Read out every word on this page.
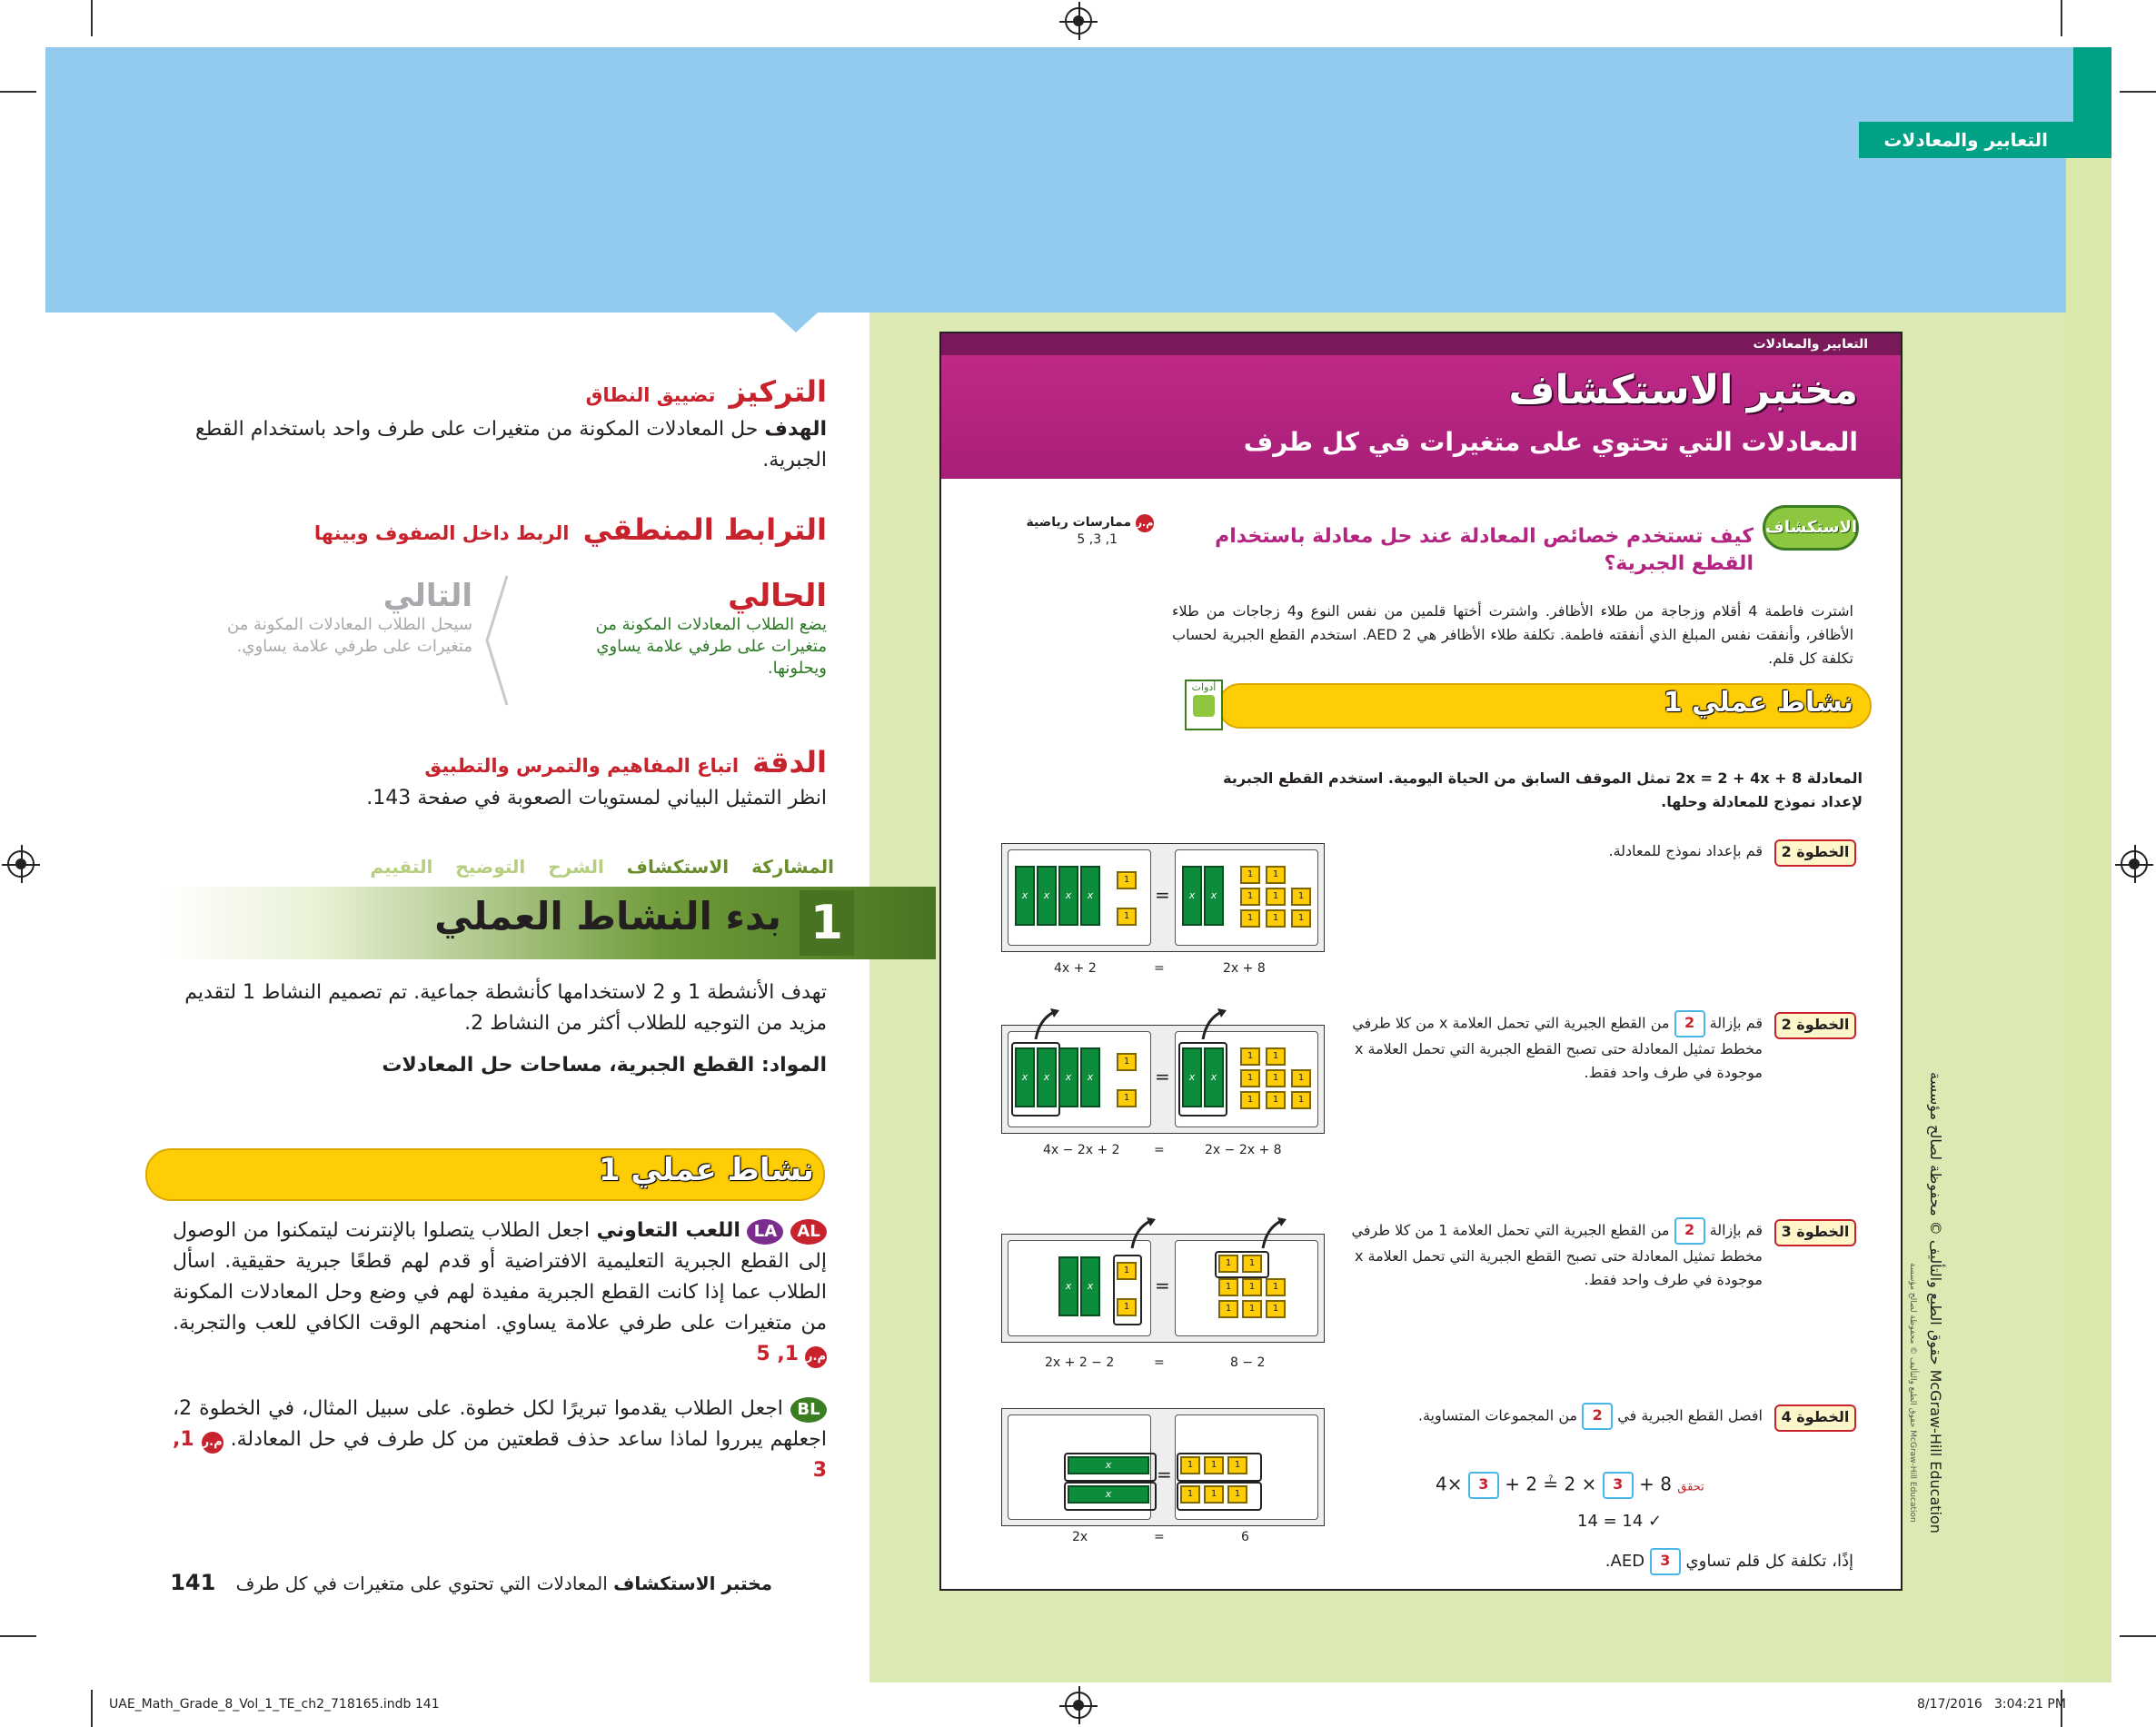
التعابير والمعادلات
التركيز تضييق النطاق
الهدف حل المعادلات المكونة من متغيرات على طرف واحد باستخدام القطع الجبرية.
الترابط المنطقي الربط داخل الصفوف وبينها
الحالي
يضع الطلاب المعادلات المكونة من متغيرات على طرفي علامة يساوي ويحلونها.
التالي
سيحل الطلاب المعادلات المكونة من متغيرات على طرفي علامة يساوي.
الدقة اتباع المفاهيم والتمرس والتطبيق
انظر التمثيل البياني لمستويات الصعوبة في صفحة 143.
المشاركة الاستكشاف الشرح التوضيح التقييم
1
بدء النشاط العملي
تهدف الأنشطة 1 و 2 لاستخدامها كأنشطة جماعية. تم تصميم النشاط 1 لتقديم مزيد من التوجيه للطلاب أكثر من النشاط 2.
المواد: القطع الجبرية، مساحات حل المعادلات
نشاط عملي 1
AL LA اللعب التعاوني اجعل الطلاب يتصلوا بالإنترنت ليتمكنوا من الوصول إلى القطع الجبرية التعليمية الافتراضية أو قدم لهم قطعًا جبرية حقيقية. اسأل الطلاب عما إذا كانت القطع الجبرية مفيدة لهم في وضع وحل المعادلات المكونة من متغيرات على طرفي علامة يساوي. امنحهم الوقت الكافي للعب والتجربة. م.ر 1, 5
BL اجعل الطلاب يقدموا تبريرًا لكل خطوة. على سبيل المثال، في الخطوة 2، اجعلهم يبرروا لماذا ساعد حذف قطعتين من كل طرف في حل المعادلة. م.ر 1, 3
مختبر الاستكشاف المعادلات التي تحتوي على متغيرات في كل طرف 141
التعابير والمعادلات
مختبر الاستكشاف
المعادلات التي تحتوي على متغيرات في كل طرف
الاستكشاف
كيف تستخدم خصائص المعادلة عند حل معادلة باستخدام القطع الجبرية؟
م.ر ممارسات رياضية
1, 3, 5
اشترت فاطمة 4 أقلام وزجاجة من طلاء الأظافر. واشترت أختها قلمين من نفس النوع و4 زجاجات من طلاء الأظافر، وأنفقت نفس المبلغ الذي أنفقته فاطمة. تكلفة طلاء الأظافر هي AED 2. استخدم القطع الجبرية لحساب تكلفة كل قلم.
أدوات	نشاط عملي 1
المعادلة 8 + 2x = 2 + 4x تمثل الموقف السابق من الحياة اليومية. استخدم القطع الجبرية لإعداد نموذج للمعادلة وحلها.
الخطوة 2
قم بإعداد نموذج للمعادلة.
x	x	x	x
1
1
=	x	x
1	1
1	1	1
1	1	1
4x + 2	=	2x + 8
الخطوة 2
قم بإزالة 2 من القطع الجبرية التي تحمل العلامة x من كلا طرفي مخطط تمثيل المعادلة حتى تصبح القطع الجبرية التي تحمل العلامة x موجودة في طرف واحد فقط.
x	x	x	x
1
1
=	x	x
1	1
1	1	1
1	1	1
4x − 2x + 2	=	2x − 2x + 8
الخطوة 3
قم بإزالة 2 من القطع الجبرية التي تحمل العلامة 1 من كلا طرفي مخطط تمثيل المعادلة حتى تصبح القطع الجبرية التي تحمل العلامة x موجودة في طرف واحد فقط.
x	x
1
1
=
1	1
1	1	1
1	1	1
2x + 2 − 2	=	8 − 2
الخطوة 4
افصل القطع الجبرية في 2 من المجموعات المتساوية.
x
x
=	1	1	1
1	1	1
2x	=	6
4× 3 + 2 ≟ 2 × 3 + 8 تحقق
14 = 14 ✓
إذًا، تكلفة كل قلم تساوي 3 AED.
حقوق الطبع والتأليف © محفوظة لصالح مؤسسة McGraw-Hill Education
حقوق الطبع والتأليف © محفوظة لصالح مؤسسة McGraw-Hill Education
UAE_Math_Grade_8_Vol_1_TE_ch2_718165.indb 141	8/17/2016 3:04:21 PM
